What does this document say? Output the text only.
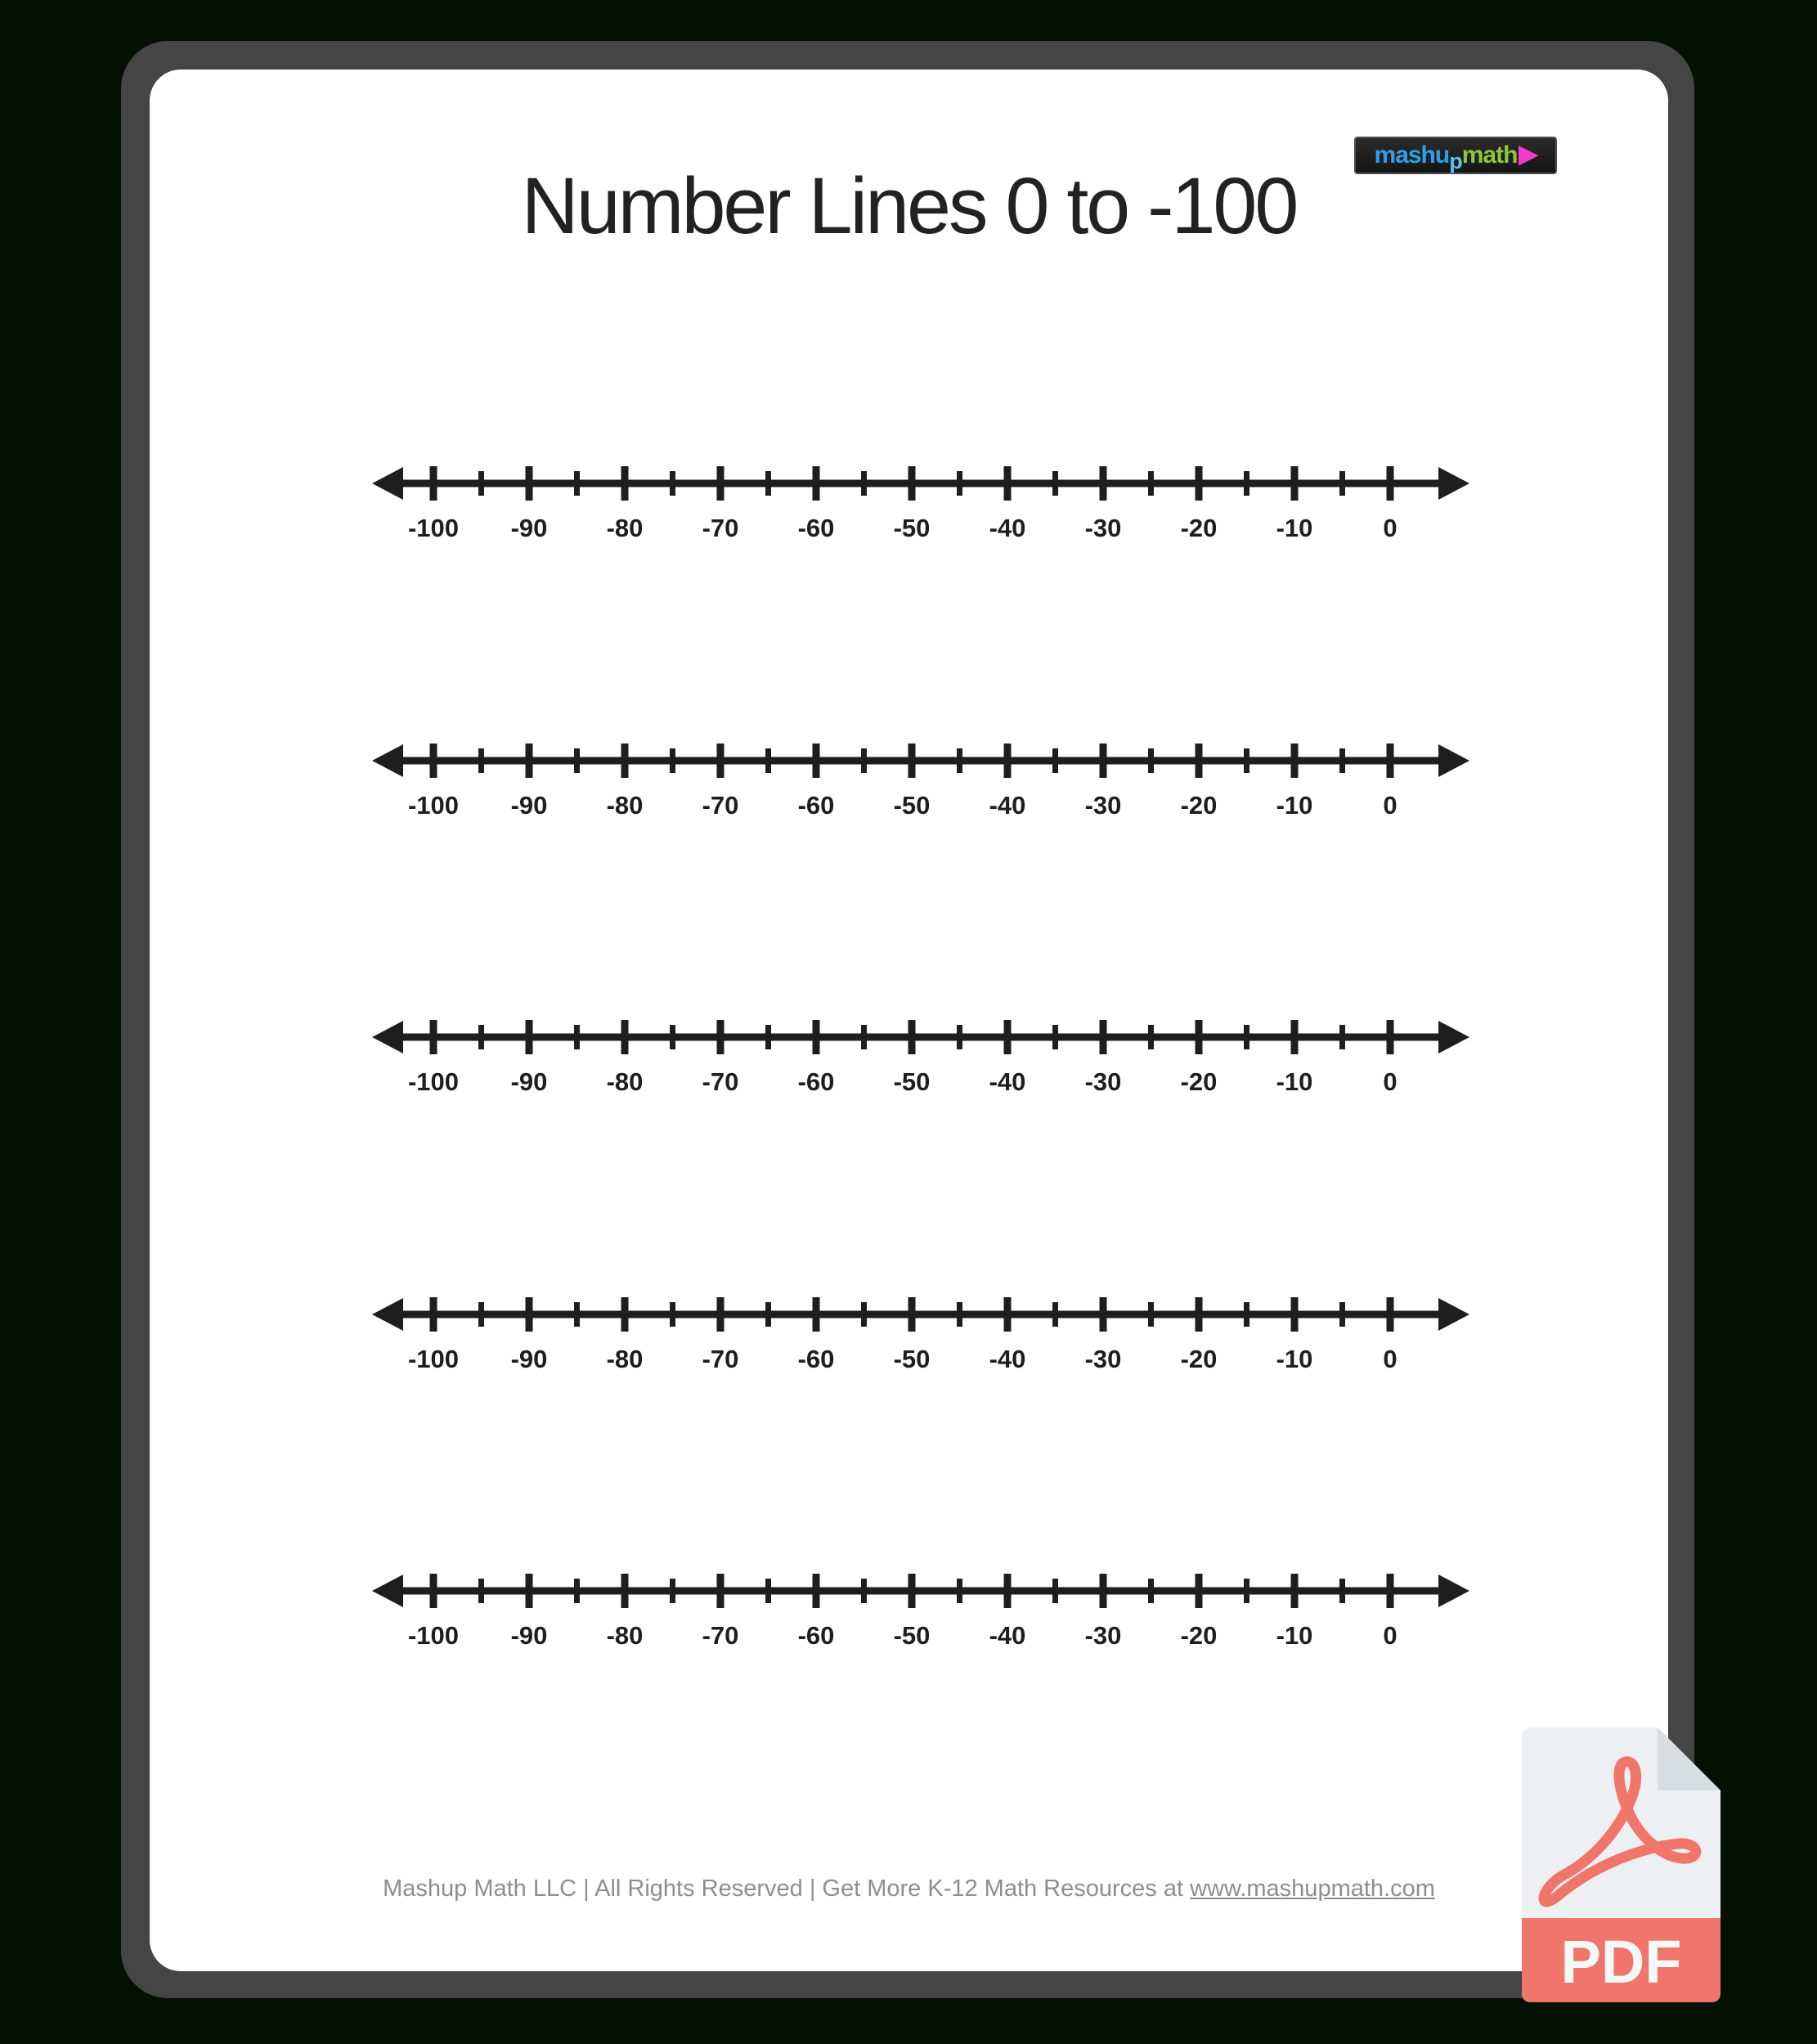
mashu p math ▶
Number Lines 0 to -100
-100 -90 -80 -70 -60 -50 -40 -30 -20 -10	0
-100 -90 -80 -70 -60 -50 -40 -30 -20 -10	0
-100 -90 -80 -70 -60 -50 -40 -30 -20 -10	0
-100 -90 -80 -70 -60 -50 -40 -30 -20 -10	0
-100 -90 -80 -70 -60 -50 -40 -30 -20 -10	0
Mashup Math LLC | All Rights Reserved | Get More K-12 Math Resources at www.mashupmath.com
PDF
